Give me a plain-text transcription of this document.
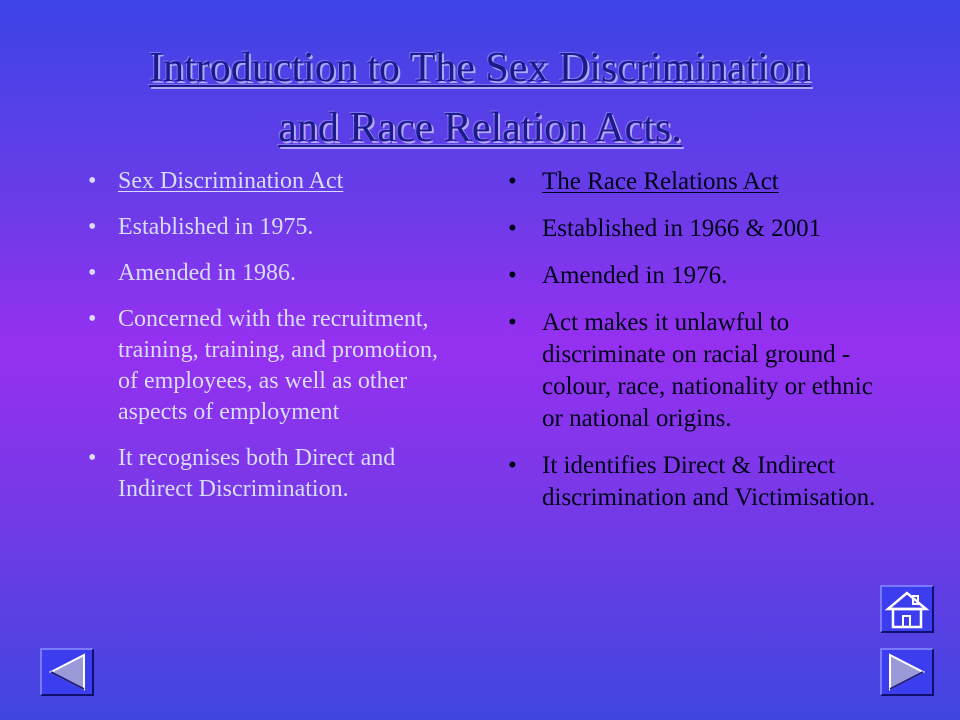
Introduction to The Sex Discrimination
and Race Relation Acts.
• Sex Discrimination Act
• Established in 1975.
• Amended in 1986.
• Concerned with the recruitment, training, training, and promotion, of employees, as well as other aspects of employment
• It recognises both Direct and Indirect Discrimination.
• The Race Relations Act
• Established in 1966 & 2001
• Amended in 1976.
• Act makes it unlawful to discriminate on racial ground - colour, race, nationality or ethnic or national origins.
• It identifies Direct & Indirect discrimination and Victimisation.
